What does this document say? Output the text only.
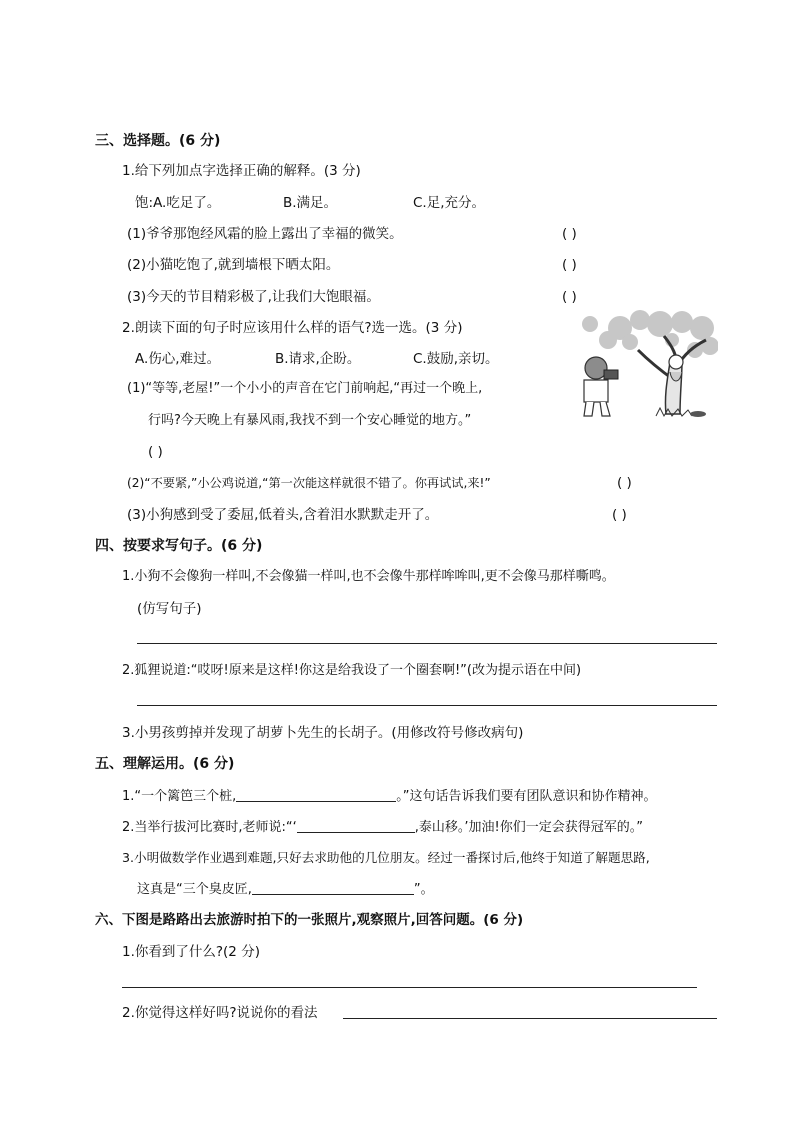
三、选择题。(6 分)
1.给下列加点字选择正确的解释。(3 分)
饱:A.吃足了。	B.满足。	C.足,充分。
(1)爷爷那饱经风霜的脸上露出了幸福的微笑。	( )
(2)小猫吃饱了,就到墙根下晒太阳。	( )
(3)今天的节目精彩极了,让我们大饱眼福。	( )
2.朗读下面的句子时应该用什么样的语气?选一选。(3 分)
A.伤心,难过。	B.请求,企盼。	C.鼓励,亲切。
(1)“等等,老屋!”一个小小的声音在它门前响起,“再过一个晚上,
行吗?今天晚上有暴风雨,我找不到一个安心睡觉的地方。”
( )
(2)“不要紧,”小公鸡说道,“第一次能这样就很不错了。你再试试,来!”	( )
(3)小狗感到受了委屈,低着头,含着泪水默默走开了。	( )
四、按要求写句子。(6 分)
1.小狗不会像狗一样叫,不会像猫一样叫,也不会像牛那样哞哞叫,更不会像马那样嘶鸣。
(仿写句子)
2.狐狸说道:“哎呀!原来是这样!你这是给我设了一个圈套啊!”(改为提示语在中间)
3.小男孩剪掉并发现了胡萝卜先生的长胡子。(用修改符号修改病句)
五、理解运用。(6 分)
1.“一个篱笆三个桩,	。”这句话告诉我们要有团队意识和协作精神。
2.当举行拔河比赛时,老师说:“‘	,泰山移。’加油!你们一定会获得冠军的。”
3.小明做数学作业遇到难题,只好去求助他的几位朋友。经过一番探讨后,他终于知道了解题思路,
这真是“三个臭皮匠,	”。
六、下图是路路出去旅游时拍下的一张照片,观察照片,回答问题。(6 分)
1.你看到了什么?(2 分)
2.你觉得这样好吗?说说你的看法
